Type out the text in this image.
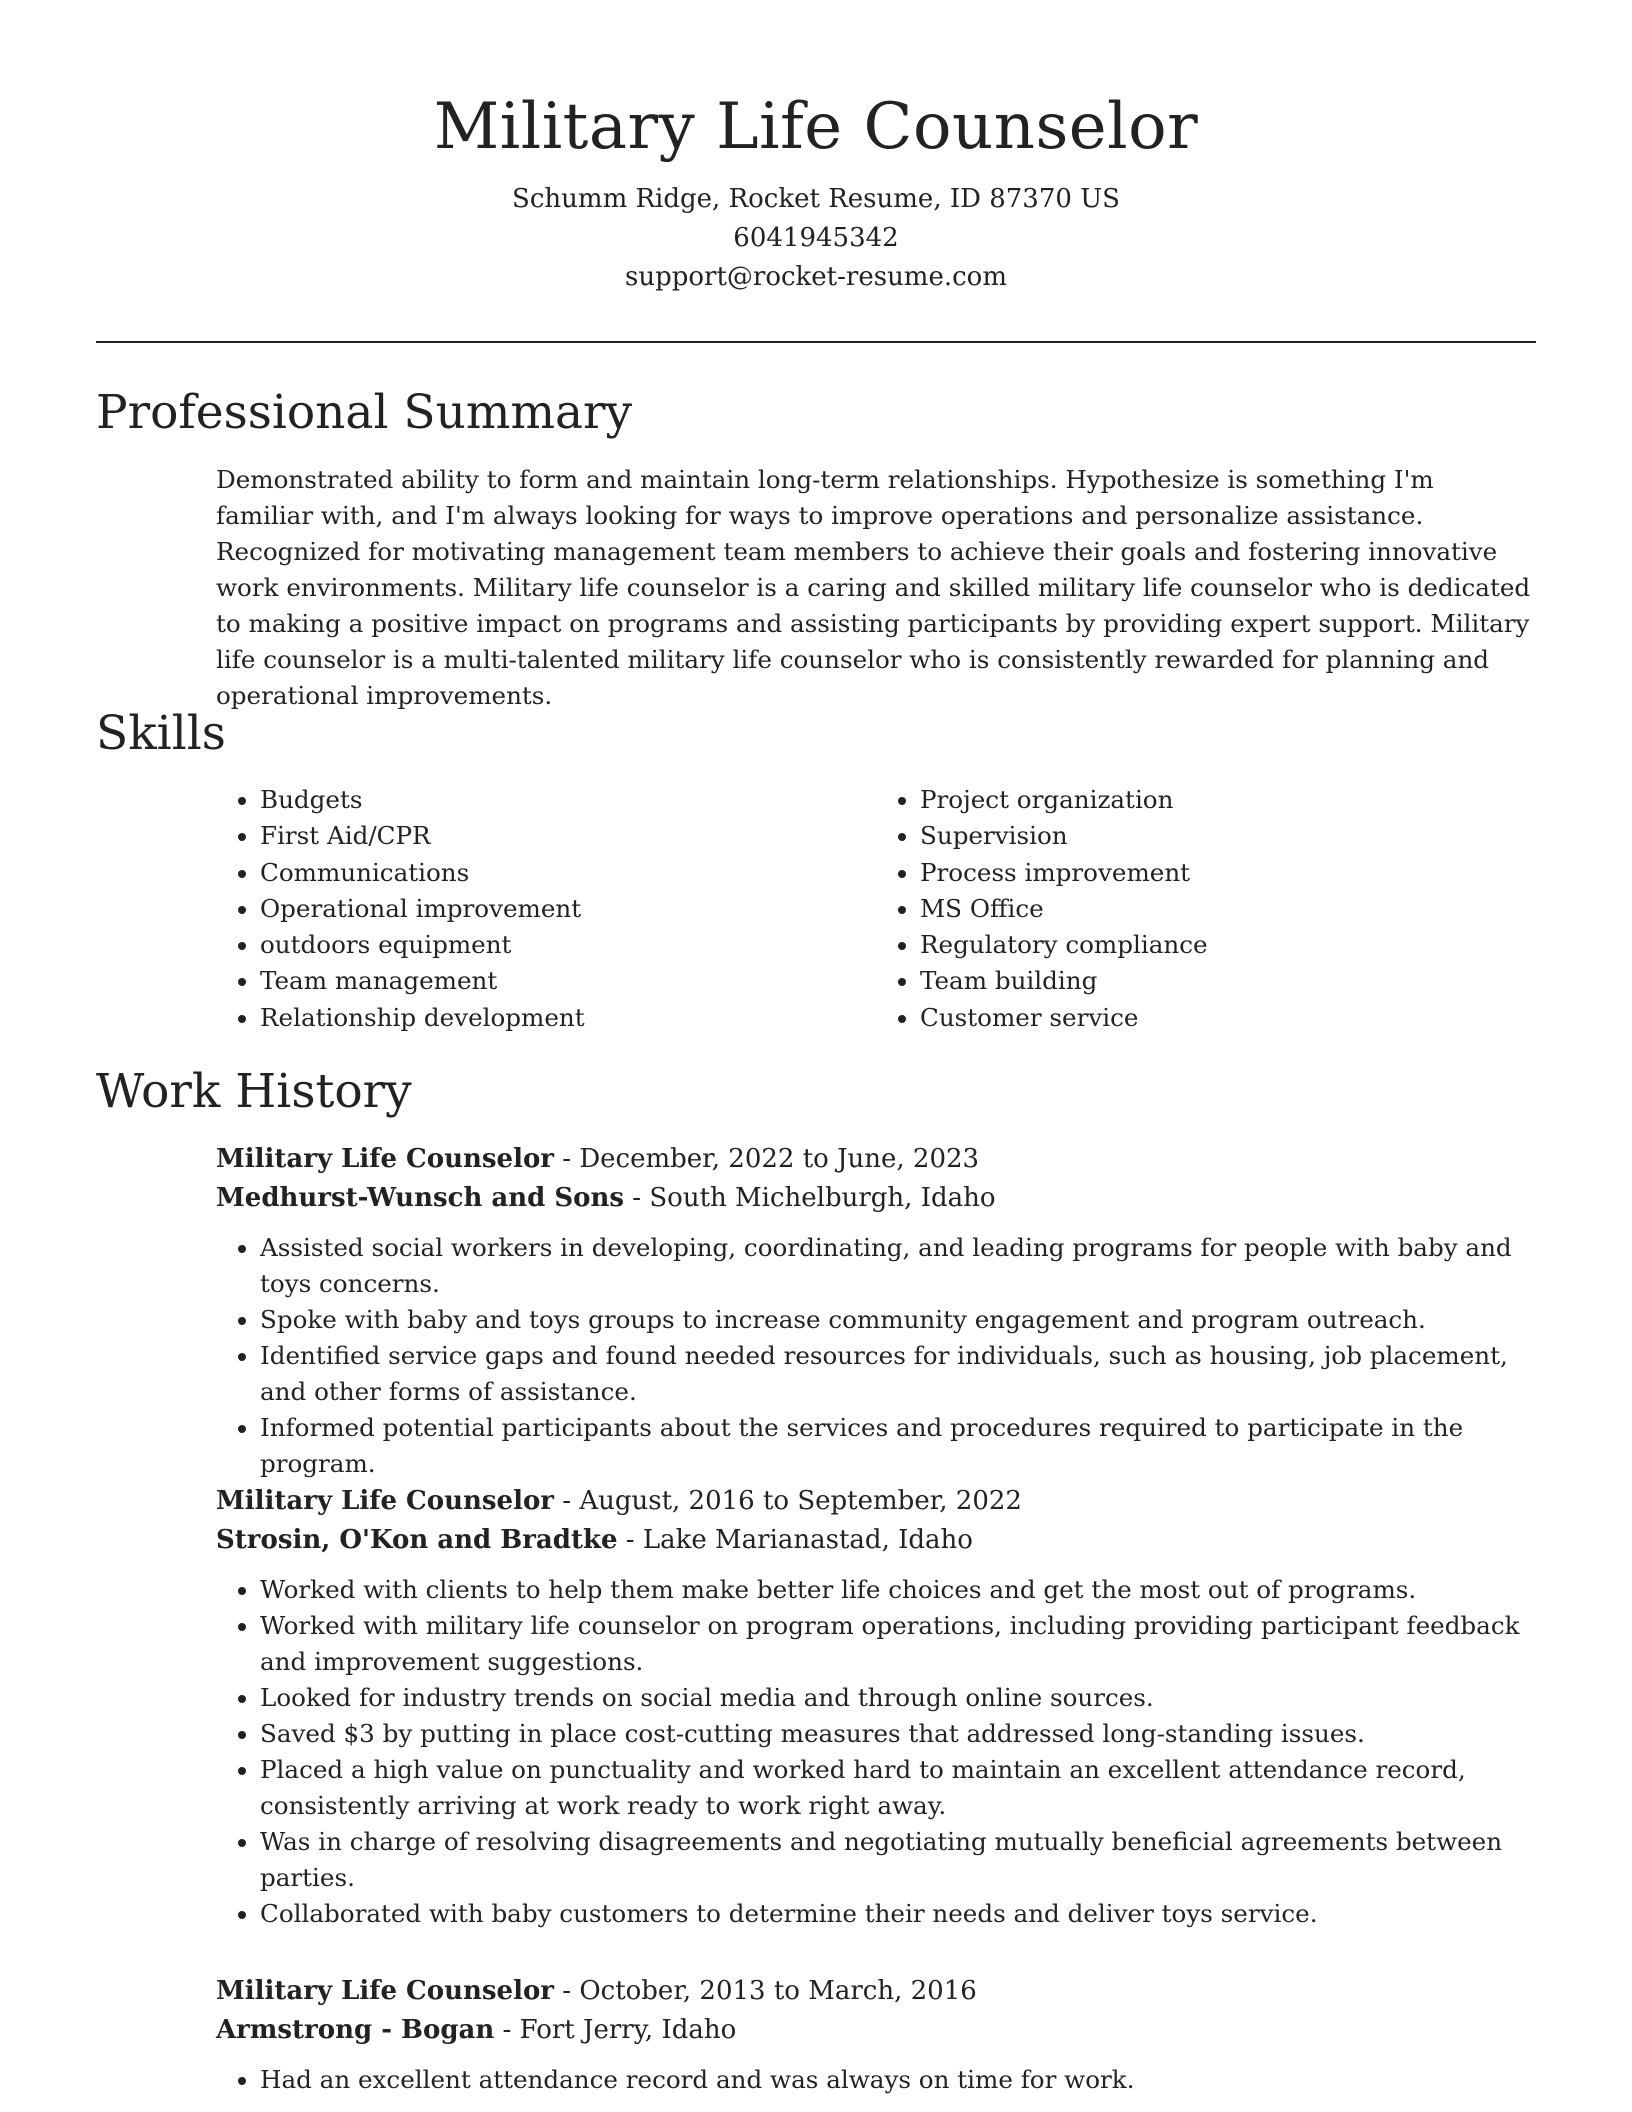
Military Life Counselor

Schumm Ridge, Rocket Resume, ID 87370 US

6041945342

support@rocket-resume.com

Professional Summary

Demonstrated ability to form and maintain long-term relationships. Hypothesize is something I'm familiar with, and I'm always looking for ways to improve operations and personalize assistance. Recognized for motivating management team members to achieve their goals and fostering innovative work environments. Military life counselor is a caring and skilled military life counselor who is dedicated to making a positive impact on programs and assisting participants by providing expert support. Military life counselor is a multi-talented military life counselor who is consistently rewarded for planning and operational improvements.

Skills
• Budgets
• First Aid/CPR
• Communications
• Operational improvement
• outdoors equipment
• Team management
• Relationship development
• Project organization
• Supervision
• Process improvement
• MS Office
• Regulatory compliance
• Team building
• Customer service
Work History

Military Life Counselor - December, 2022 to June, 2023

Medhurst-Wunsch and Sons - South Michelburgh, Idaho

• Assisted social workers in developing, coordinating, and leading programs for people with baby and toys concerns.
• Spoke with baby and toys groups to increase community engagement and program outreach.
• Identified service gaps and found needed resources for individuals, such as housing, job placement, and other forms of assistance.
• Informed potential participants about the services and procedures required to participate in the program.

Military Life Counselor - August, 2016 to September, 2022

Strosin, O'Kon and Bradtke - Lake Marianastad, Idaho

• Worked with clients to help them make better life choices and get the most out of programs.
• Worked with military life counselor on program operations, including providing participant feedback and improvement suggestions.
• Looked for industry trends on social media and through online sources.
• Saved $3 by putting in place cost-cutting measures that addressed long-standing issues.
• Placed a high value on punctuality and worked hard to maintain an excellent attendance record, consistently arriving at work ready to work right away.
• Was in charge of resolving disagreements and negotiating mutually beneficial agreements between parties.
• Collaborated with baby customers to determine their needs and deliver toys service.

Military Life Counselor - October, 2013 to March, 2016

Armstrong - Bogan - Fort Jerry, Idaho

• Had an excellent attendance record and was always on time for work.
